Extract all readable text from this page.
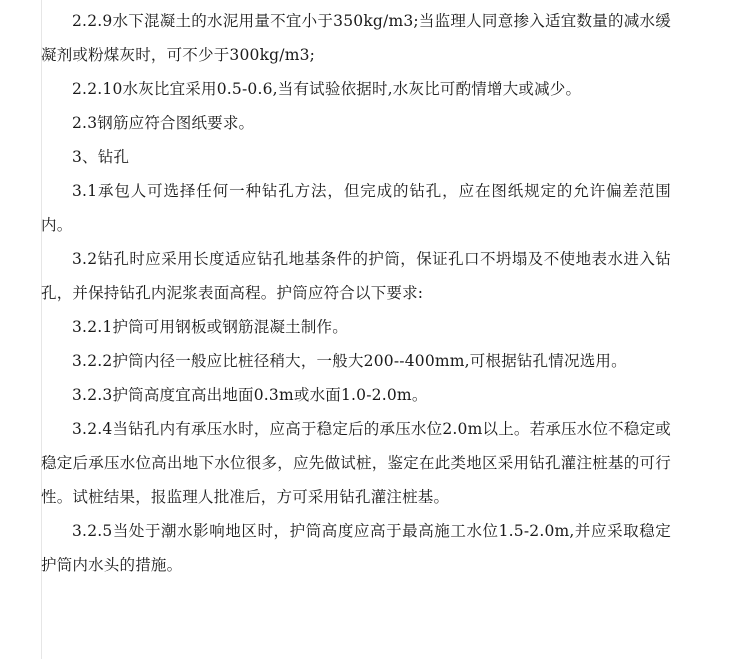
2.2.9水下混凝土的水泥用量不宜小于350kg/m3;当监理人同意掺入适宜数量的减水缓凝剂或粉煤灰时，可不少于300kg/m3;

2.2.10水灰比宜采用0.5-0.6,当有试验依据时,水灰比可酌情增大或减少。

2.3钢筋应符合图纸要求。

3、钻孔

3.1承包人可选择任何一种钻孔方法，但完成的钻孔，应在图纸规定的允许偏差范围内。

3.2钻孔时应采用长度适应钻孔地基条件的护筒，保证孔口不坍塌及不使地表水进入钻孔，并保持钻孔内泥浆表面高程。护筒应符合以下要求:

3.2.1护筒可用钢板或钢筋混凝土制作。

3.2.2护筒内径一般应比桩径稍大，一般大200--400mm,可根据钻孔情况选用。

3.2.3护筒高度宜高出地面0.3m或水面1.0-2.0m。

3.2.4当钻孔内有承压水时，应高于稳定后的承压水位2.0m以上。若承压水位不稳定或稳定后承压水位高出地下水位很多，应先做试桩，鉴定在此类地区采用钻孔灌注桩基的可行性。试桩结果，报监理人批准后，方可采用钻孔灌注桩基。

3.2.5当处于潮水影响地区时，护筒高度应高于最高施工水位1.5-2.0m,并应采取稳定护筒内水头的措施。
